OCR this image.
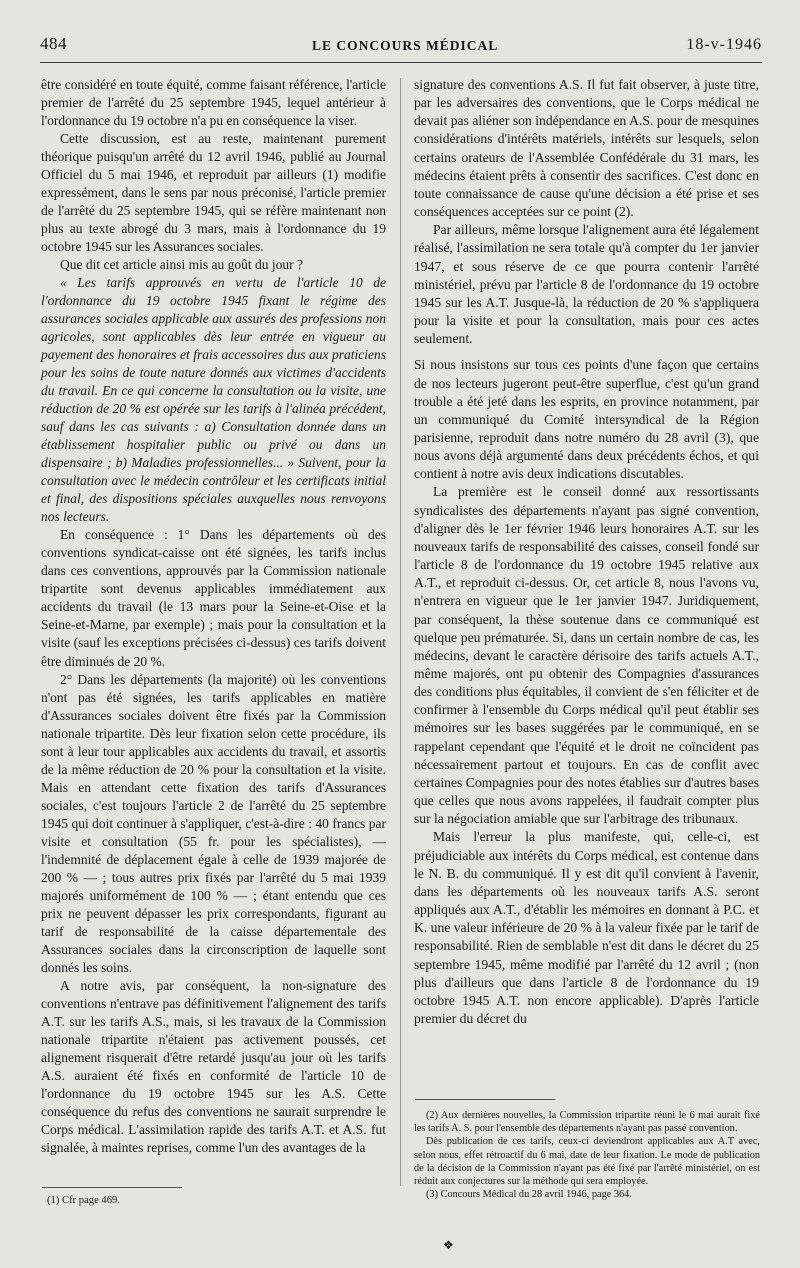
484	LE CONCOURS MÉDICAL	18-v-1946

être considéré en toute équité, comme faisant référence, l'article premier de l'arrêté du 25 septembre 1945, lequel antérieur à l'ordonnance du 19 octobre n'a pu en conséquence la viser.

Cette discussion, est au reste, maintenant purement théorique puisqu'un arrêté du 12 avril 1946, publié au Journal Officiel du 5 mai 1946, et reproduit par ailleurs (1) modifie expressément, dans le sens par nous préconisé, l'article premier de l'arrêté du 25 septembre 1945, qui se réfère maintenant non plus au texte abrogé du 3 mars, mais à l'ordonnance du 19 octobre 1945 sur les Assurances sociales.

Que dit cet article ainsi mis au goût du jour ?

« Les tarifs approuvés en vertu de l'article 10 de l'ordonnance du 19 octobre 1945 fixant le régime des assurances sociales applicable aux assurés des professions non agricoles, sont applicables dès leur entrée en vigueur au payement des honoraires et frais accessoires dus aux praticiens pour les soins de toute nature donnés aux victimes d'accidents du travail. En ce qui concerne la consultation ou la visite, une réduction de 20 % est opérée sur les tarifs à l'alinéa précédent, sauf dans les cas suivants : a) Consultation donnée dans un établissement hospitalier public ou privé ou dans un dispensaire ; b) Maladies professionnelles... » Suivent, pour la consultation avec le médecin contrôleur et les certificats initial et final, des dispositions spéciales auxquelles nous renvoyons nos lecteurs.

En conséquence : 1° Dans les départements où des conventions syndicat-caisse ont été signées, les tarifs inclus dans ces conventions, approuvés par la Commission nationale tripartite sont devenus applicables immédiatement aux accidents du travail (le 13 mars pour la Seine-et-Oise et la Seine-et-Marne, par exemple) ; mais pour la consultation et la visite (sauf les exceptions précisées ci-dessus) ces tarifs doivent être diminués de 20 %.

2° Dans les départements (la majorité) où les conventions n'ont pas été signées, les tarifs applicables en matière d'Assurances sociales doivent être fixés par la Commission nationale tripartite. Dès leur fixation selon cette procédure, ils sont à leur tour applicables aux accidents du travail, et assortis de la même réduction de 20 % pour la consultation et la visite. Mais en attendant cette fixation des tarifs d'Assurances sociales, c'est toujours l'article 2 de l'arrêté du 25 septembre 1945 qui doit continuer à s'appliquer, c'est-à-dire : 40 francs par visite et consultation (55 fr. pour les spécialistes), — l'indemnité de déplacement égale à celle de 1939 majorée de 200 % — ; tous autres prix fixés par l'arrêté du 5 mai 1939 majorés uniformément de 100 % — ; étant entendu que ces prix ne peuvent dépasser les prix correspondants, figurant au tarif de responsabilité de la caisse départementale des Assurances sociales dans la circonscription de laquelle sont donnés les soins.

A notre avis, par conséquent, la non-signature des conventions n'entrave pas définitivement l'alignement des tarifs A.T. sur les tarifs A.S., mais, si les travaux de la Commission nationale tripartite n'étaient pas activement poussés, cet alignement risquerait d'être retardé jusqu'au jour où les tarifs A.S. auraient été fixés en conformité de l'article 10 de l'ordonnance du 19 octobre 1945 sur les A.S. Cette conséquence du refus des conventions ne saurait surprendre le Corps médical. L'assimilation rapide des tarifs A.T. et A.S. fut signalée, à maintes reprises, comme l'un des avantages de la

signature des conventions A.S. Il fut fait observer, à juste titre, par les adversaires des conventions, que le Corps médical ne devait pas aliéner son indépendance en A.S. pour de mesquines considérations d'intérêts matériels, intérêts sur lesquels, selon certains orateurs de l'Assemblée Confédérale du 31 mars, les médecins étaient prêts à consentir des sacrifices. C'est donc en toute connaissance de cause qu'une décision a été prise et ses conséquences acceptées sur ce point (2).

Par ailleurs, même lorsque l'alignement aura été légalement réalisé, l'assimilation ne sera totale qu'à compter du 1er janvier 1947, et sous réserve de ce que pourra contenir l'arrêté ministériel, prévu par l'article 8 de l'ordonnance du 19 octobre 1945 sur les A.T. Jusque-là, la réduction de 20 % s'appliquera pour la visite et pour la consultation, mais pour ces actes seulement.

Si nous insistons sur tous ces points d'une façon que certains de nos lecteurs jugeront peut-être superflue, c'est qu'un grand trouble a été jeté dans les esprits, en province notamment, par un communiqué du Comité intersyndical de la Région parisienne, reproduit dans notre numéro du 28 avril (3), que nous avons déjà argumenté dans deux précédents échos, et qui contient à notre avis deux indications discutables.

La première est le conseil donné aux ressortissants syndicalistes des départements n'ayant pas signé convention, d'aligner dès le 1er février 1946 leurs honoraires A.T. sur les nouveaux tarifs de responsabilité des caisses, conseil fondé sur l'article 8 de l'ordonnance du 19 octobre 1945 relative aux A.T., et reproduit ci-dessus. Or, cet article 8, nous l'avons vu, n'entrera en vigueur que le 1er janvier 1947. Juridiquement, par conséquent, la thèse soutenue dans ce communiqué est quelque peu prématurée. Si, dans un certain nombre de cas, les médecins, devant le caractère dérisoire des tarifs actuels A.T., même majorés, ont pu obtenir des Compagnies d'assurances des conditions plus équitables, il convient de s'en féliciter et de confirmer à l'ensemble du Corps médical qu'il peut établir ses mémoires sur les bases suggérées par le communiqué, en se rappelant cependant que l'équité et le droit ne coïncident pas nécessairement partout et toujours. En cas de conflit avec certaines Compagnies pour des notes établies sur d'autres bases que celles que nous avons rappelées, il faudrait compter plus sur la négociation amiable que sur l'arbitrage des tribunaux.

Mais l'erreur la plus manifeste, qui, celle-ci, est préjudiciable aux intérêts du Corps médical, est contenue dans le N. B. du communiqué. Il y est dit qu'il convient à l'avenir, dans les départements où les nouveaux tarifs A.S. seront appliqués aux A.T., d'établir les mémoires en donnant à P.C. et K. une valeur inférieure de 20 % à la valeur fixée par le tarif de responsabilité. Rien de semblable n'est dit dans le décret du 25 septembre 1945, même modifié par l'arrêté du 12 avril ; (non plus d'ailleurs que dans l'article 8 de l'ordonnance du 19 octobre 1945 A.T. non encore applicable). D'après l'article premier du décret du

(1) Cfr page 469.

(2) Aux dernières nouvelles, la Commission tripartite réuni le 6 mai aurait fixé les tarifs A. S. pour l'ensemble des départements n'ayant pas passé convention.

Dès publication de ces tarifs, ceux-ci deviendront applicables aux A.T avec, selon nous, effet rétroactif du 6 mai, date de leur fixation. Le mode de publication de la décision de la Commission n'ayant pas été fixé par l'arrêté ministériel, on est réduit aux conjectures sur la méthode qui sera employée.

(3) Concours Médical du 28 avril 1946, page 364.

❖
